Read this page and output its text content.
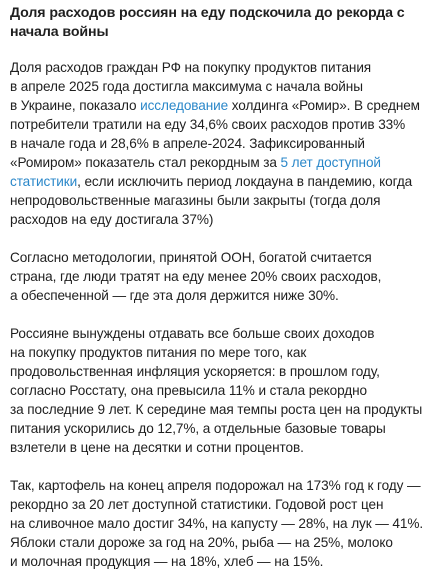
Доля расходов россиян на еду подскочила до рекорда с
начала войны

Доля расходов граждан РФ на покупку продуктов питания
в апреле 2025 года достигла максимума с начала войны
в Украине, показало исследование холдинга «Ромир». В среднем
потребители тратили на еду 34,6% своих расходов против 33%
в начале года и 28,6% в апреле-2024. Зафиксированный
«Ромиром» показатель стал рекордным за 5 лет доступной
статистики, если исключить период локдауна в пандемию, когда
непродовольственные магазины были закрыты (тогда доля
расходов на еду достигала 37%)

Согласно методологии, принятой ООН, богатой считается
страна, где люди тратят на еду менее 20% своих расходов,
а обеспеченной — где эта доля держится ниже 30%.

Россияне вынуждены отдавать все больше своих доходов
на покупку продуктов питания по мере того, как
продовольственная инфляция ускоряется: в прошлом году,
согласно Росстату, она превысила 11% и стала рекордно
за последние 9 лет. К середине мая темпы роста цен на продукты
питания ускорились до 12,7%, а отдельные базовые товары
взлетели в цене на десятки и сотни процентов.

Так, картофель на конец апреля подорожал на 173% год к году —
рекордно за 20 лет доступной статистики. Годовой рост цен
на сливочное мало достиг 34%, на капусту — 28%, на лук — 41%.
Яблоки стали дороже за год на 20%, рыба — на 25%, молоко
и молочная продукция — на 18%, хлеб — на 15%.
